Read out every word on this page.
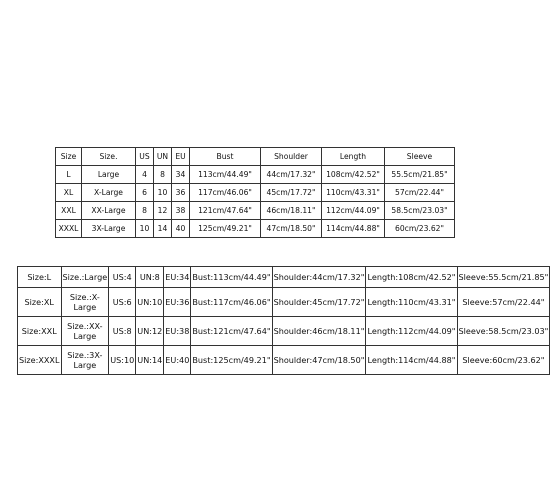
Size	Size.	US	UN	EU	Bust	Shoulder	Length	Sleeve
L	Large	4	8	34	113cm/44.49"	44cm/17.32"	108cm/42.52"	55.5cm/21.85"
XL	X-Large	6	10	36	117cm/46.06"	45cm/17.72"	110cm/43.31"	57cm/22.44"
XXL	XX-Large	8	12	38	121cm/47.64"	46cm/18.11"	112cm/44.09"	58.5cm/23.03"
XXXL	3X-Large	10	14	40	125cm/49.21"	47cm/18.50"	114cm/44.88"	60cm/23.62"
Size:L	Size.:Large	US:4	UN:8	EU:34	Bust:113cm/44.49"	Shoulder:44cm/17.32"	Length:108cm/42.52"	Sleeve:55.5cm/21.85"
Size:XL	Size.:X-Large	US:6	UN:10	EU:36	Bust:117cm/46.06"	Shoulder:45cm/17.72"	Length:110cm/43.31"	Sleeve:57cm/22.44"
Size:XXL	Size.:XX-Large	US:8	UN:12	EU:38	Bust:121cm/47.64"	Shoulder:46cm/18.11"	Length:112cm/44.09"	Sleeve:58.5cm/23.03"
Size:XXXL	Size.:3X-Large	US:10	UN:14	EU:40	Bust:125cm/49.21"	Shoulder:47cm/18.50"	Length:114cm/44.88"	Sleeve:60cm/23.62"
